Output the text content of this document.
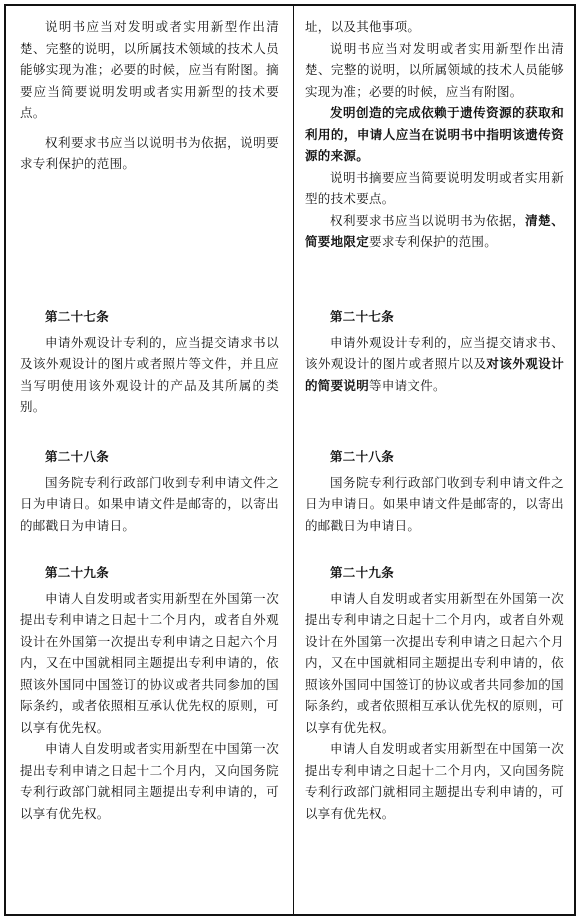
说明书应当对发明或者实用新型作出清楚、完整的说明，以所属技术领域的技术人员能够实现为准；必要的时候，应当有附图。摘要应当简要说明发明或者实用新型的技术要点。

权利要求书应当以说明书为依据，说明要求专利保护的范围。

第二十七条

申请外观设计专利的，应当提交请求书以及该外观设计的图片或者照片等文件，并且应当写明使用该外观设计的产品及其所属的类别。

第二十八条

国务院专利行政部门收到专利申请文件之日为申请日。如果申请文件是邮寄的，以寄出的邮戳日为申请日。

第二十九条

申请人自发明或者实用新型在外国第一次提出专利申请之日起十二个月内，或者自外观设计在外国第一次提出专利申请之日起六个月内，又在中国就相同主题提出专利申请的，依照该外国同中国签订的协议或者共同参加的国际条约，或者依照相互承认优先权的原则，可以享有优先权。

申请人自发明或者实用新型在中国第一次提出专利申请之日起十二个月内，又向国务院专利行政部门就相同主题提出专利申请的，可以享有优先权。

址，以及其他事项。

说明书应当对发明或者实用新型作出清楚、完整的说明，以所属领域的技术人员能够实现为准；必要的时候，应当有附图。

发明创造的完成依赖于遗传资源的获取和利用的，申请人应当在说明书中指明该遗传资源的来源。

说明书摘要应当简要说明发明或者实用新型的技术要点。

权利要求书应当以说明书为依据，清楚、简要地限定要求专利保护的范围。

第二十七条

申请外观设计专利的，应当提交请求书、该外观设计的图片或者照片以及对该外观设计的简要说明等申请文件。

第二十八条

国务院专利行政部门收到专利申请文件之日为申请日。如果申请文件是邮寄的，以寄出的邮戳日为申请日。

第二十九条

申请人自发明或者实用新型在外国第一次提出专利申请之日起十二个月内，或者自外观设计在外国第一次提出专利申请之日起六个月内，又在中国就相同主题提出专利申请的，依照该外国同中国签订的协议或者共同参加的国际条约，或者依照相互承认优先权的原则，可以享有优先权。

申请人自发明或者实用新型在中国第一次提出专利申请之日起十二个月内，又向国务院专利行政部门就相同主题提出专利申请的，可以享有优先权。
